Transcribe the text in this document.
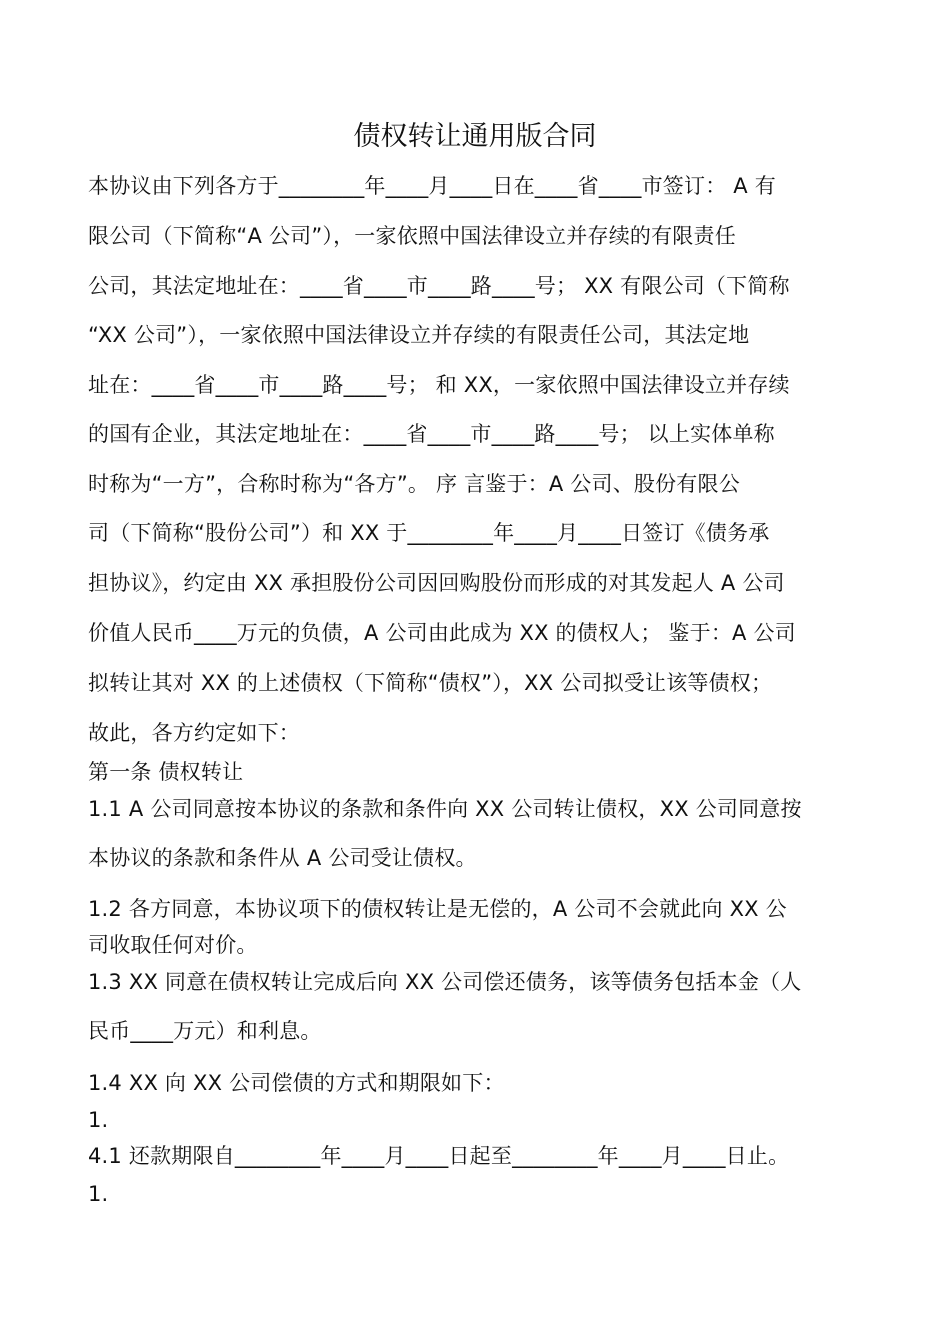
债权转让通用版合同
本协议由下列各方于________年____月____日在____省____市签订： A 有
限公司（下简称“A 公司”），一家依照中国法律设立并存续的有限责任
公司，其法定地址在：____省____市____路____号； XX 有限公司（下简称
“XX 公司”），一家依照中国法律设立并存续的有限责任公司，其法定地
址在：____省____市____路____号； 和 XX，一家依照中国法律设立并存续
的国有企业，其法定地址在：____省____市____路____号； 以上实体单称
时称为“一方”，合称时称为“各方”。 序 言鉴于：A 公司、股份有限公
司（下简称“股份公司”）和 XX 于________年____月____日签订《债务承
担协议》，约定由 XX 承担股份公司因回购股份而形成的对其发起人 A 公司
价值人民币____万元的负债，A 公司由此成为 XX 的债权人； 鉴于：A 公司
拟转让其对 XX 的上述债权（下简称“债权”），XX 公司拟受让该等债权；
故此，各方约定如下：
第一条 债权转让
1.1 A 公司同意按本协议的条款和条件向 XX 公司转让债权，XX 公司同意按
本协议的条款和条件从 A 公司受让债权。
1.2 各方同意，本协议项下的债权转让是无偿的，A 公司不会就此向 XX 公
司收取任何对价。
1.3 XX 同意在债权转让完成后向 XX 公司偿还债务，该等债务包括本金（人
民币____万元）和利息。
1.4 XX 向 XX 公司偿债的方式和期限如下：
1.
4.1 还款期限自________年____月____日起至________年____月____日止。
1.
